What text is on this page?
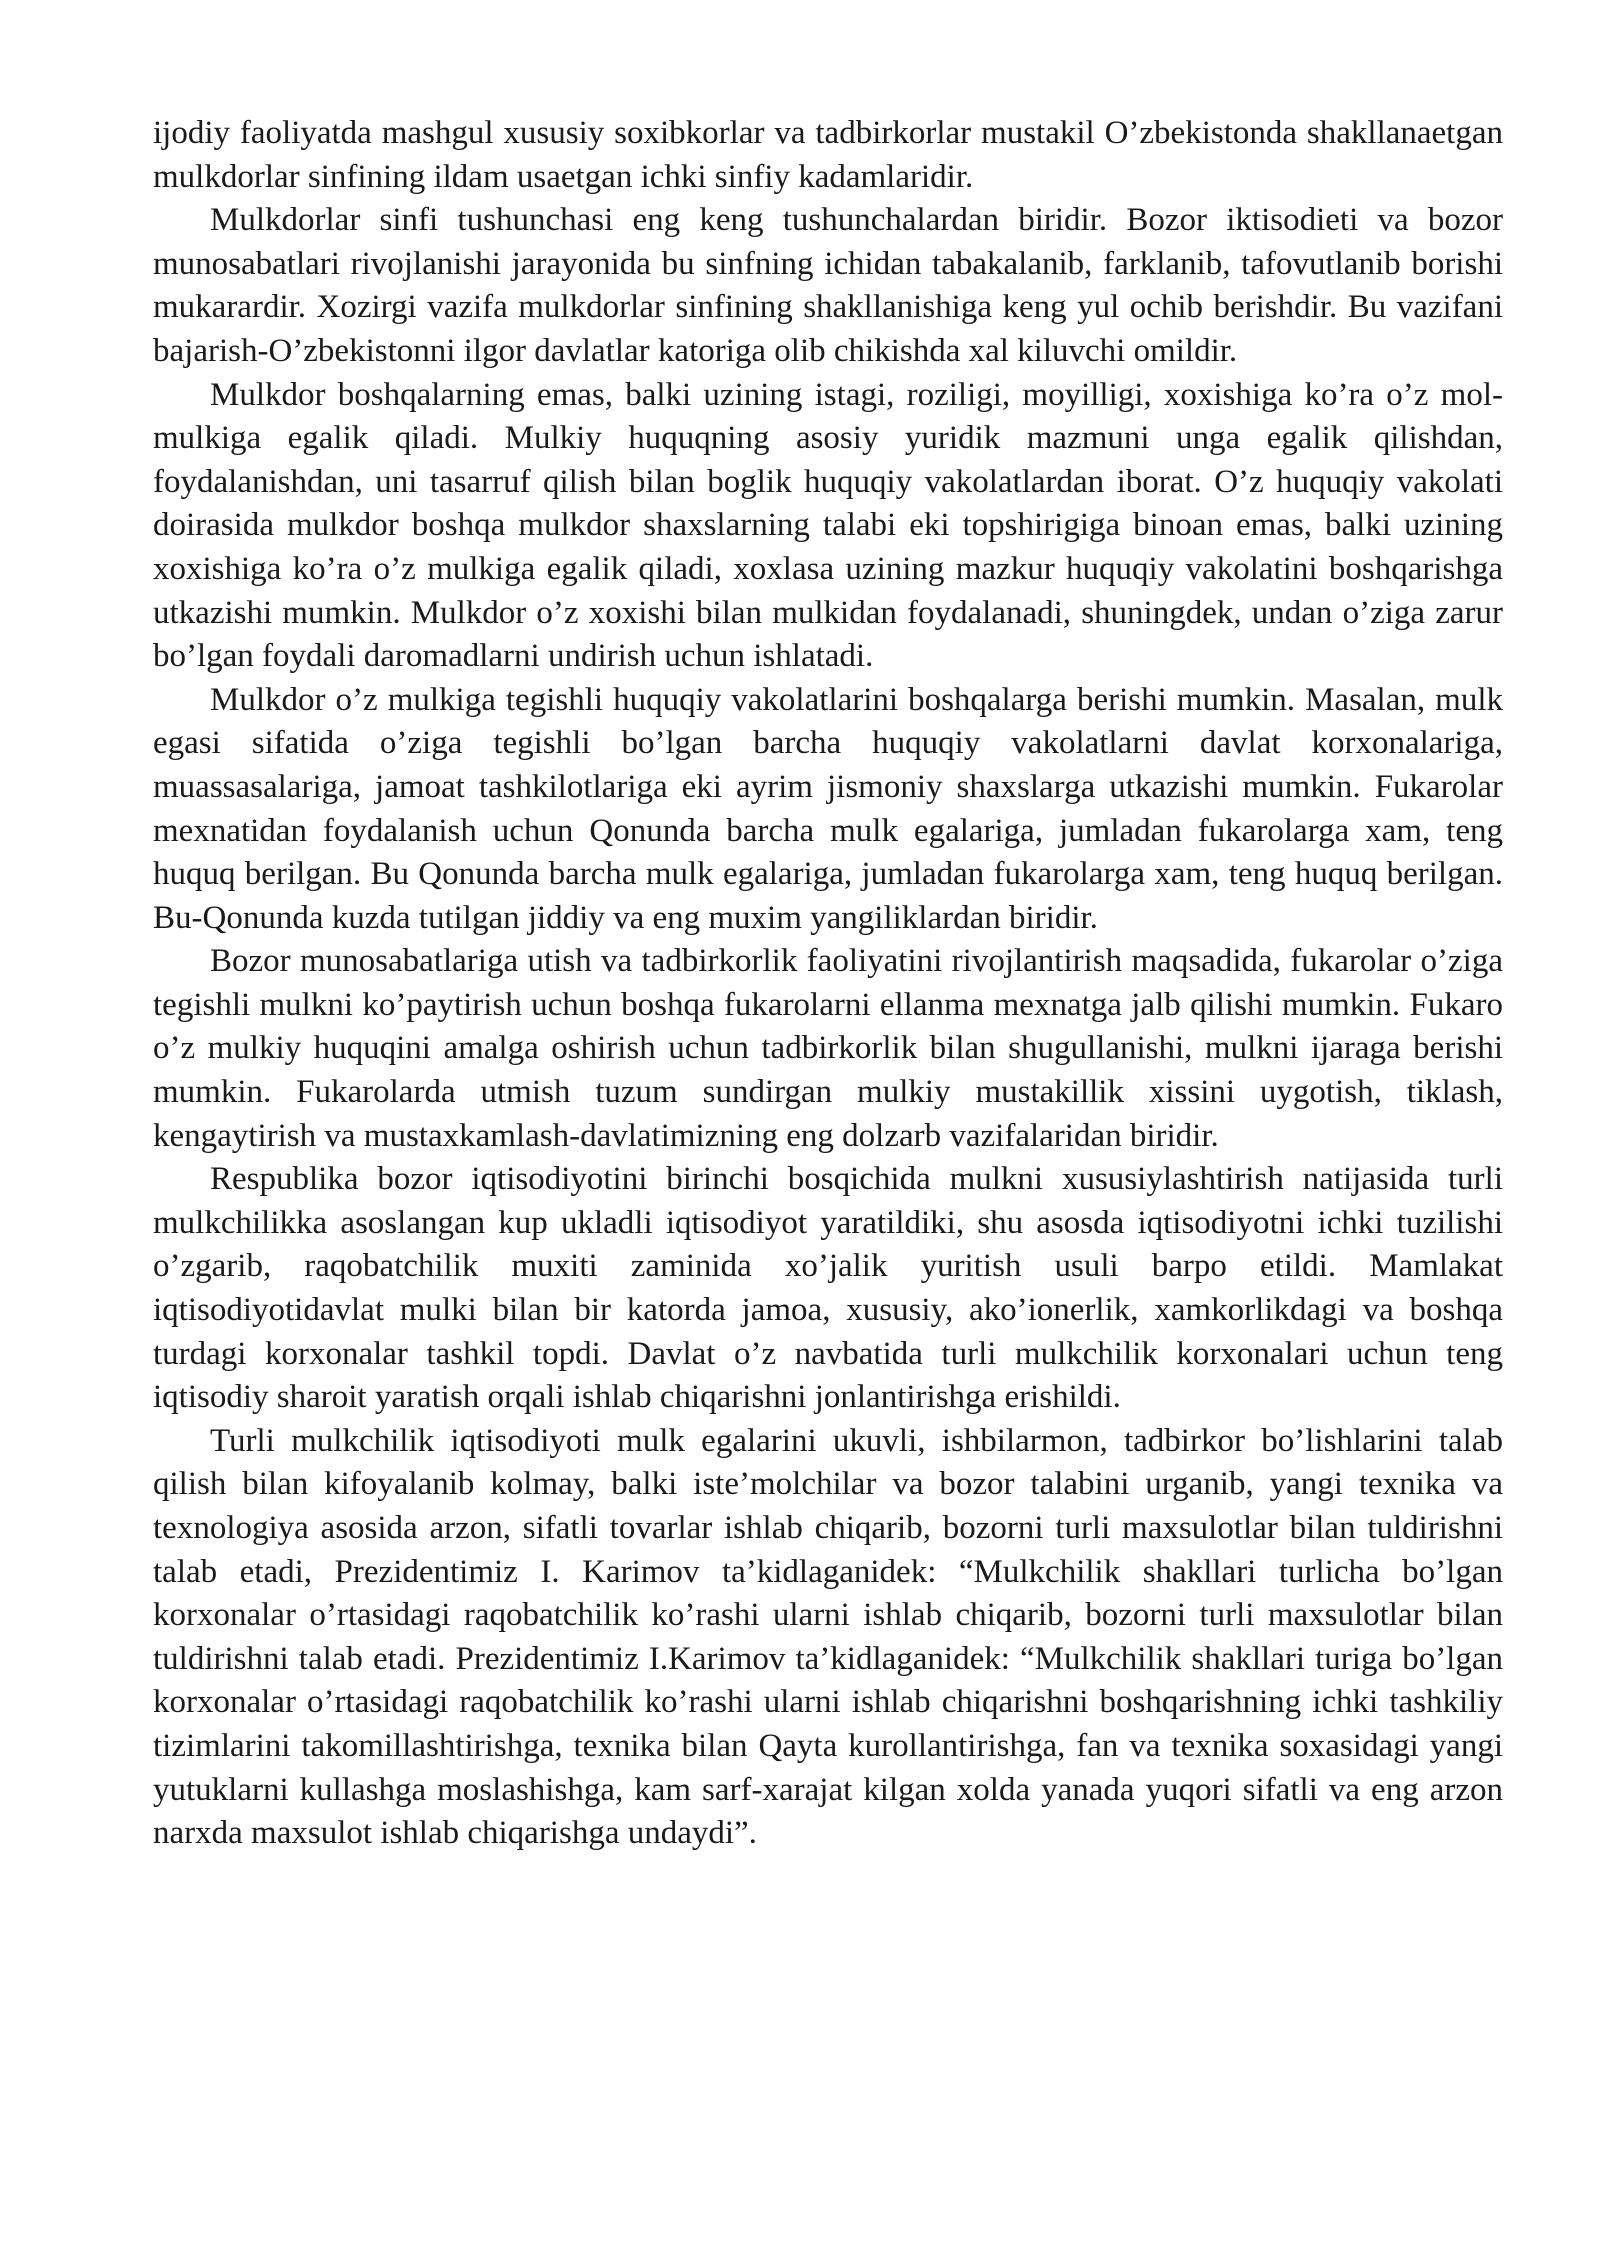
ijodiy faoliyatda mashgul xususiy soxibkorlar va tadbirkorlar mustakil O’zbekistonda shakllanaetgan mulkdorlar sinfining ildam usaetgan ichki sinfiy kadamlaridir.

Mulkdorlar sinfi tushunchasi eng keng tushunchalardan biridir. Bozor iktisodieti va bozor munosabatlari rivojlanishi jarayonida bu sinfning ichidan tabakalanib, farklanib, tafovutlanib borishi mukarardir. Xozirgi vazifa mulkdorlar sinfining shakllanishiga keng yul ochib berishdir. Bu vazifani bajarish-O’zbekistonni ilgor davlatlar katoriga olib chikishda xal kiluvchi omildir.

Mulkdor boshqalarning emas, balki uzining istagi, roziligi, moyilligi, xoxishiga ko’ra o’z mol-mulkiga egalik qiladi. Mulkiy huquqning asosiy yuridik mazmuni unga egalik qilishdan, foydalanishdan, uni tasarruf qilish bilan boglik huquqiy vakolatlardan iborat. O’z huquqiy vakolati doirasida mulkdor boshqa mulkdor shaxslarning talabi eki topshirigiga binoan emas, balki uzining xoxishiga ko’ra o’z mulkiga egalik qiladi, xoxlasa uzining mazkur huquqiy vakolatini boshqarishga utkazishi mumkin. Mulkdor o’z xoxishi bilan mulkidan foydalanadi, shuningdek, undan o’ziga zarur bo’lgan foydali daromadlarni undirish uchun ishlatadi.

Mulkdor o’z mulkiga tegishli huquqiy vakolatlarini boshqalarga berishi mumkin. Masalan, mulk egasi sifatida o’ziga tegishli bo’lgan barcha huquqiy vakolatlarni davlat korxonalariga, muassasalariga, jamoat tashkilotlariga eki ayrim jismoniy shaxslarga utkazishi mumkin. Fukarolar mexnatidan foydalanish uchun Qonunda barcha mulk egalariga, jumladan fukarolarga xam, teng huquq berilgan. Bu Qonunda barcha mulk egalariga, jumladan fukarolarga xam, teng huquq berilgan. Bu-Qonunda kuzda tutilgan jiddiy va eng muxim yangiliklardan biridir.

Bozor munosabatlariga utish va tadbirkorlik faoliyatini rivojlantirish maqsadida, fukarolar o’ziga tegishli mulkni ko’paytirish uchun boshqa fukarolarni ellanma mexnatga jalb qilishi mumkin. Fukaro o’z mulkiy huquqini amalga oshirish uchun tadbirkorlik bilan shugullanishi, mulkni ijaraga berishi mumkin. Fukarolarda utmish tuzum sundirgan mulkiy mustakillik xissini uygotish, tiklash, kengaytirish va mustaxkamlash-davlatimizning eng dolzarb vazifalaridan biridir.

Respublika bozor iqtisodiyotini birinchi bosqichida mulkni xususiylashtirish natijasida turli mulkchilikka asoslangan kup ukladli iqtisodiyot yaratildiki, shu asosda iqtisodiyotni ichki tuzilishi o’zgarib, raqobatchilik muxiti zaminida xo’jalik yuritish usuli barpo etildi. Mamlakat iqtisodiyotidavlat mulki bilan bir katorda jamoa, xususiy, ako’ionerlik, xamkorlikdagi va boshqa turdagi korxonalar tashkil topdi. Davlat o’z navbatida turli mulkchilik korxonalari uchun teng iqtisodiy sharoit yaratish orqali ishlab chiqarishni jonlantirishga erishildi.

Turli mulkchilik iqtisodiyoti mulk egalarini ukuvli, ishbilarmon, tadbirkor bo’lishlarini talab qilish bilan kifoyalanib kolmay, balki iste’molchilar va bozor talabini urganib, yangi texnika va texnologiya asosida arzon, sifatli tovarlar ishlab chiqarib, bozorni turli maxsulotlar bilan tuldirishni talab etadi, Prezidentimiz I. Karimov ta’kidlaganidek: “Mulkchilik shakllari turlicha bo’lgan korxonalar o’rtasidagi raqobatchilik ko’rashi ularni ishlab chiqarib, bozorni turli maxsulotlar bilan tuldirishni talab etadi. Prezidentimiz I.Karimov ta’kidlaganidek: “Mulkchilik shakllari turiga bo’lgan korxonalar o’rtasidagi raqobatchilik ko’rashi ularni ishlab chiqarishni boshqarishning ichki tashkiliy tizimlarini takomillashtirishga, texnika bilan Qayta kurollantirishga, fan va texnika soxasidagi yangi yutuklarni kullashga moslashishga, kam sarf-xarajat kilgan xolda yanada yuqori sifatli va eng arzon narxda maxsulot ishlab chiqarishga undaydi”.
